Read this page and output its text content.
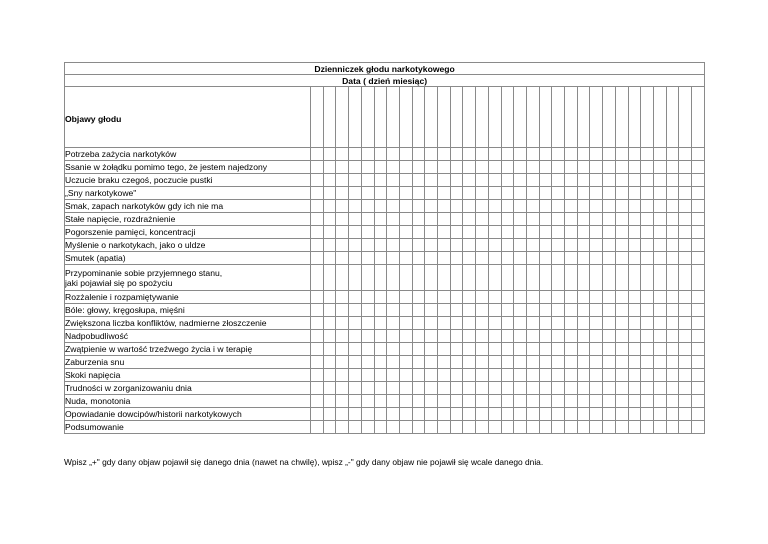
Dzienniczek głodu narkotykowego																															
Data ( dzień miesiąc)																															

Objawy głodu																															

Potrzeba zażycia narkotyków																															

Ssanie w żołądku pomimo tego, że jestem najedzony																															

Uczucie braku czegoś, poczucie pustki																															

„Sny narkotykowe"																															

Smak, zapach narkotyków gdy ich nie ma																															

Stałe napięcie, rozdrażnienie																															

Pogorszenie pamięci, koncentracji																															

Myślenie o narkotykach, jako o uldze																															

Smutek (apatia)																															

Przypominanie sobie przyjemnego stanu,
jaki pojawiał się po spożyciu																															

Rozżalenie i rozpamiętywanie																															

Bóle: głowy, kręgosłupa, mięśni																															

Zwiększona liczba konfliktów, nadmierne złoszczenie																															

Nadpobudliwość																															

Zwątpienie w wartość trzeźwego życia i w terapię																															

Zaburzenia snu																															

Skoki napięcia																															

Trudności w zorganizowaniu dnia																															

Nuda, monotonia																															

Opowiadanie dowcipów/historii narkotykowych																															

Podsumowanie																															

Wpisz „+" gdy dany objaw pojawił się danego dnia (nawet na chwilę), wpisz „-" gdy dany objaw nie pojawił się wcale danego dnia.
